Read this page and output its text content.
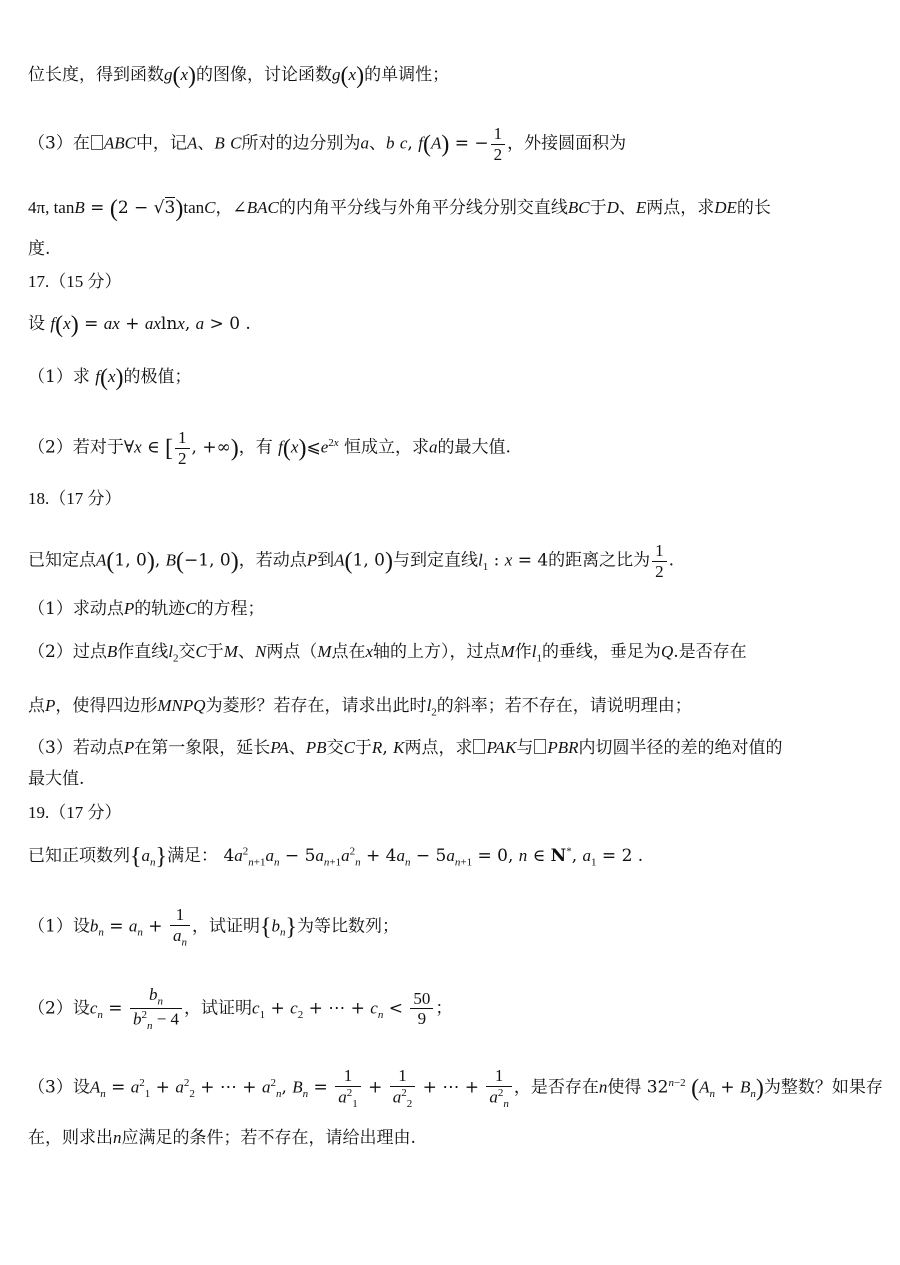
位长度，得到函数g(x)的图像，讨论函数g(x)的单调性；
（3）在 ABC中，记A、B C所对的边分别为a、b c, f(A) = − $\frac{1}{2}$ ，外接圆面积为
4π, tanB = (2 − √3)tanC，∠BAC的内角平分线与外角平分线分别交直线BC于D、E两点，求DE的长
度.
17.（15 分）
设 f(x) = ax + axlnx, a > 0 .
（1）求 f(x)的极值；
（2）若对于∀x ∈ [ $\frac{1}{2}$ , +∞)，有 $f(x)⩽e^{2x}$ 恒成立，求a的最大值.
18.（17 分）
已知定点A(1, 0), B(−1, 0)，若动点P到A(1, 0)与到定直线$l_1$ : x = 4的距离之比为 $\frac{1}{2}$ .
（1）求动点P的轨迹C的方程；
（2）过点B作直线$l_2$交C于M、N两点（M点在x轴的上方），过点M作$l_1$的垂线，垂足为Q.是否存在
点P，使得四边形MNPQ为菱形？若存在，请求出此时$l_2$的斜率；若不存在，请说明理由；
（3）若动点P在第一象限，延长PA、PB交C于R, K两点，求 PAK与 PBR内切圆半径的差的绝对值的
最大值.
19.（17 分）
已知正项数列$\{a_n\}$满足： $4a^2_{n+1}a_n - 5a_{n+1}a^2_n + 4a_n - 5a_{n+1} = 0$, n ∈ N*, $a_1 = 2$ .
（1）设$b_n = a_n + \frac{1}{a_n}$ ，试证明$\{b_n\}$为等比数列；
（2）设$c_n = \frac{b_n}{b^2_n - 4}$ ，试证明$c_1 + c_2$ + ⋯ + $c_n < \frac{50}{9}$ ；
（3）设$A_n = a^2_1 + a^2_2$ + ⋯ + $a^2_n$, $B_n = \frac{1}{a^2_1} + \frac{1}{a^2_2}$ + ⋯ + $\frac{1}{a^2_n}$ ，是否存在n使得 $32^{n-2}$ $(A_n + B_n)$为整数？如果存
在，则求出n应满足的条件；若不存在，请给出理由.
